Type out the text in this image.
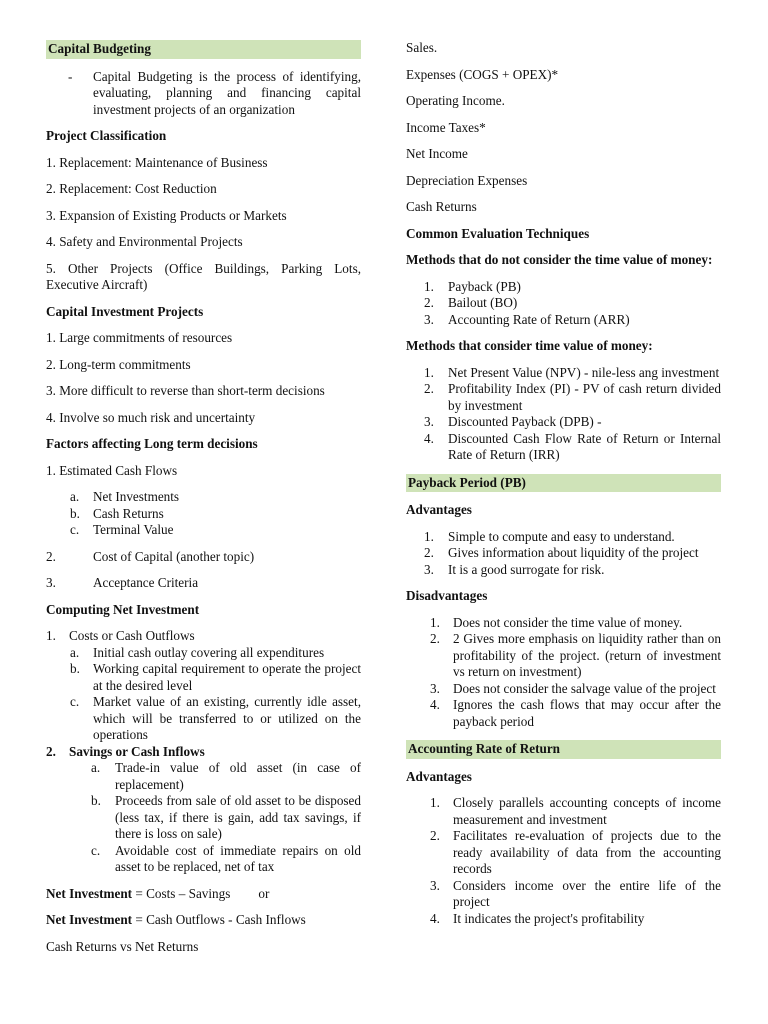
Capital Budgeting

- Capital Budgeting is the process of identifying, evaluating, planning and financing capital investment projects of an organization

Project Classification

1. Replacement: Maintenance of Business

2. Replacement: Cost Reduction

3. Expansion of Existing Products or Markets

4. Safety and Environmental Projects

5. Other Projects (Office Buildings, Parking Lots, Executive Aircraft)

Capital Investment Projects

1. Large commitments of resources

2. Long-term commitments

3. More difficult to reverse than short-term decisions

4. Involve so much risk and uncertainty

Factors affecting Long term decisions

1. Estimated Cash Flows

a. Net Investments
b. Cash Returns
c. Terminal Value
2.	Cost of Capital (another topic)
3.	Acceptance Criteria

Computing Net Investment

1. Costs or Cash Outflows
a. Initial cash outlay covering all expenditures

b. Working capital requirement to operate the project at the desired level

c. Market value of an existing, currently idle asset, which will be transferred to or utilized on the operations

2. Savings or Cash Inflows
a. Trade-in value of old asset (in case of replacement)

b. Proceeds from sale of old asset to be disposed (less tax, if there is gain, add tax savings, if there is loss on sale)

c. Avoidable cost of immediate repairs on old asset to be replaced, net of tax

Net Investment = Costs – Savings or

Net Investment = Cash Outflows - Cash Inflows

Cash Returns vs Net Returns

Sales.

Expenses (COGS + OPEX)*

Operating Income.

Income Taxes*

Net Income

Depreciation Expenses

Cash Returns

Common Evaluation Techniques

Methods that do not consider the time value of money:

1. Payback (PB)
2. Bailout (BO)
3. Accounting Rate of Return (ARR)

Methods that consider time value of money:

1. Net Present Value (NPV) - nile-less ang investment

2. Profitability Index (PI) - PV of cash return divided by investment

3. Discounted Payback (DPB) -

4. Discounted Cash Flow Rate of Return or Internal Rate of Return (IRR)

Payback Period (PB)

Advantages

1. Simple to compute and easy to understand.

2. Gives information about liquidity of the project

3. It is a good surrogate for risk.

Disadvantages

1. Does not consider the time value of money.

2. 2 Gives more emphasis on liquidity rather than on profitability of the project. (return of investment vs return on investment)

3. Does not consider the salvage value of the project

4. Ignores the cash flows that may occur after the payback period

Accounting Rate of Return

Advantages

1. Closely parallels accounting concepts of income measurement and investment

2. Facilitates re-evaluation of projects due to the ready availability of data from the accounting records

3. Considers income over the entire life of the project

4. It indicates the project's profitability
